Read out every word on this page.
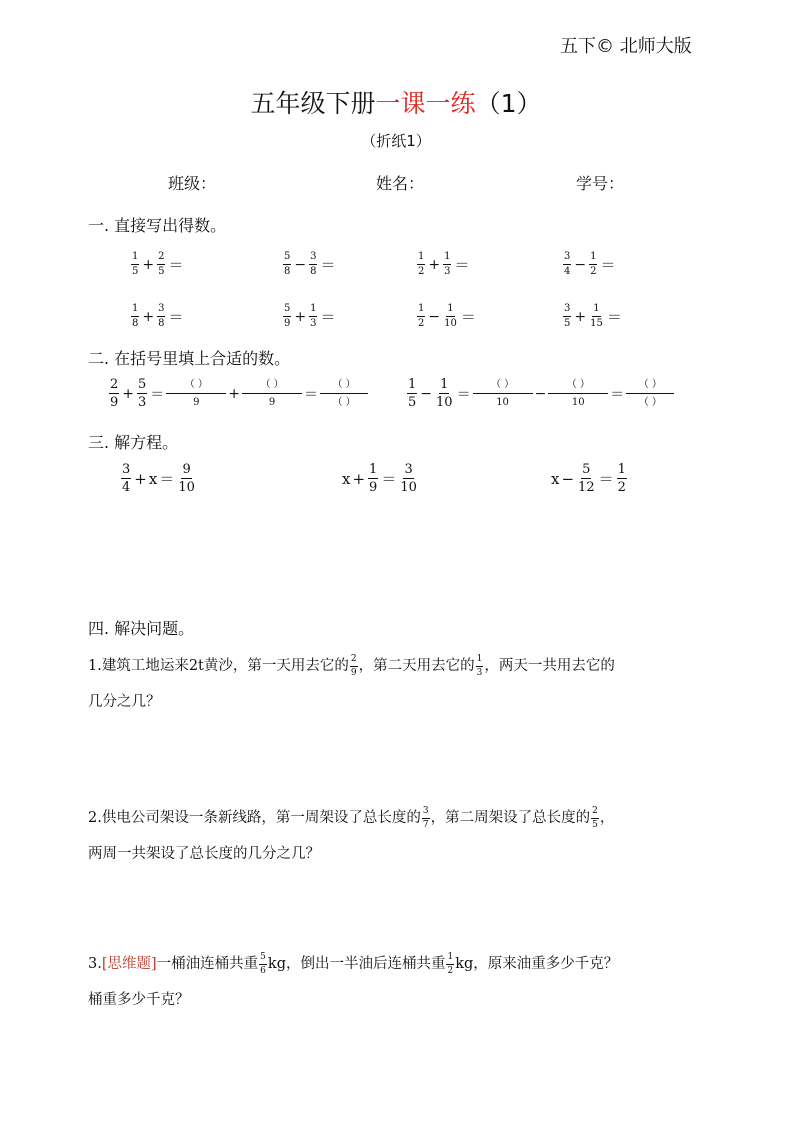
五下© 北师大版
五年级下册一课一练（1）
（折纸1）
班级：	姓名：	学号：
一. 直接写出得数。
二. 在括号里填上合适的数。
$\frac{2}{9} + \frac{5}{3}$ ＝
（ ）
9
+
（ ）
9 ＝
（ ）
（ ）	$\frac{1}{5} - \frac{1}{10}$ ＝
（ ）
10
−
（ ）
10 ＝
（ ）
（ ）
三. 解方程。
$\frac{3}{4} + x = \frac{9}{10}$	$x + \frac{1}{9} = \frac{3}{10}$	$x - \frac{5}{12} = \frac{1}{2}$
四. 解决问题。
1.建筑工地运来2t黄沙，第一天用去它的 $\frac{2}{9}$ ，第二天用去它的 $\frac{1}{3}$ ，两天一共用去它的
几分之几？
2.供电公司架设一条新线路，第一周架设了总长度的 $\frac{3}{7}$ ，第二周架设了总长度的 $\frac{2}{5}$ ，
两周一共架设了总长度的几分之几？
3.[思维题]一桶油连桶共重 $\frac{5}{6}$ kg，倒出一半油后连桶共重 $\frac{1}{2}$ kg，原来油重多少千克？
桶重多少千克？
$\frac{1}{5} + \frac{2}{5}$ ＝	$\frac{5}{8} - \frac{3}{8}$ ＝	$\frac{1}{2} + \frac{1}{3}$ ＝	$\frac{3}{4} - \frac{1}{2}$ ＝
$\frac{1}{8} + \frac{3}{8}$ ＝	$\frac{5}{9} + \frac{1}{3}$ ＝	$\frac{1}{2} - \frac{1}{10}$ ＝	$\frac{3}{5} + \frac{1}{15}$ ＝
